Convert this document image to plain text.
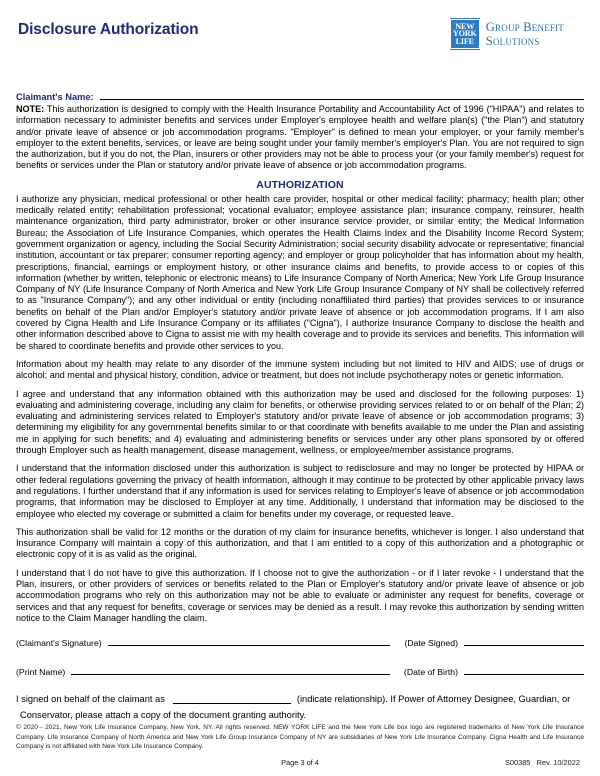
Disclosure Authorization	NEW
YORK
LIFE
Group Benefit
Solutions
Claimant's Name:

NOTE: This authorization is designed to comply with the Health Insurance Portability and Accountability Act of 1996 ("HIPAA") and relates to information necessary to administer benefits and services under Employer's employee health and welfare plan(s) ("the Plan") and statutory and/or private leave of absence or job accommodation programs. "Employer" is defined to mean your employer, or your family member's employer to the extent benefits, services, or leave are being sought under your family member's employer's Plan. You are not required to sign the authorization, but if you do not, the Plan, insurers or other providers may not be able to process your (or your family member's) request for benefits or services under the Plan or statutory and/or private leave of absence or job accommodation programs.

AUTHORIZATION

I authorize any physician, medical professional or other health care provider, hospital or other medical facility; pharmacy; health plan; other medically related entity; rehabilitation professional; vocational evaluator; employee assistance plan; insurance company, reinsurer, health maintenance organization, third party administrator, broker or other insurance service provider, or similar entity; the Medical Information Bureau; the Association of Life Insurance Companies, which operates the Health Claims Index and the Disability Income Record System; government organization or agency, including the Social Security Administration; social security disability advocate or representative; financial institution, accountant or tax preparer; consumer reporting agency; and employer or group policyholder that has information about my health, prescriptions, financial, earnings or employment history, or other insurance claims and benefits, to provide access to or copies of this information (whether by written, telephonic or electronic means) to Life Insurance Company of North America; New York Life Group Insurance Company of NY (Life Insurance Company of North America and New York Life Group Insurance Company of NY shall be collectively referred to as "Insurance Company"); and any other individual or entity (including nonaffiliated third parties) that provides services to or insurance benefits on behalf of the Plan and/or Employer's statutory and/or private leave of absence or job accommodation programs. If I am also covered by Cigna Health and Life Insurance Company or its affiliates ("Cigna"), I authorize Insurance Company to disclose the health and other information described above to Cigna to assist me with my health coverage and to provide its services and benefits. This information will be shared to coordinate benefits and provide other services to you.

Information about my health may relate to any disorder of the immune system including but not limited to HIV and AIDS; use of drugs or alcohol; and mental and physical history, condition, advice or treatment, but does not include psychotherapy notes or genetic information.

I agree and understand that any information obtained with this authorization may be used and disclosed for the following purposes: 1) evaluating and administering coverage, including any claim for benefits, or otherwise providing services related to or on behalf of the Plan; 2) evaluating and administering services related to Employer's statutory and/or private leave of absence or job accommodation programs; 3) determining my eligibility for any governmental benefits similar to or that coordinate with benefits available to me under the Plan and assisting me in applying for such benefits; and 4) evaluating and administering benefits or services under any other plans sponsored by or offered through Employer such as health management, disease management, wellness, or employee/member assistance programs.

I understand that the information disclosed under this authorization is subject to redisclosure and may no longer be protected by HIPAA or other federal regulations governing the privacy of health information, although it may continue to be protected by other applicable privacy laws and regulations. I further understand that if any information is used for services relating to Employer's leave of absence or job accommodation programs, that information may be disclosed to Employer at any time. Additionally, I understand that information may be disclosed to the employee who elected my coverage or submitted a claim for benefits under my coverage, or requested leave.

This authorization shall be valid for 12 months or the duration of my claim for insurance benefits, whichever is longer. I also understand that Insurance Company will maintain a copy of this authorization, and that I am entitled to a copy of this authorization and a photographic or electronic copy of it is as valid as the original.

I understand that I do not have to give this authorization. If I choose not to give the authorization - or if I later revoke - I understand that the Plan, insurers, or other providers of services or benefits related to the Plan or Employer's statutory and/or private leave of absence or job accommodation programs who rely on this authorization may not be able to evaluate or administer any request for benefits, coverage or services and that any request for benefits, coverage or services may be denied as a result. I may revoke this authorization by sending written notice to the Claim Manager handling the claim.

(Claimant's Signature)	(Date Signed)
(Print Name)	(Date of Birth)

I signed on behalf of the claimant as	(indicate relationship). If Power of Attorney Designee, Guardian, or
Conservator, please attach a copy of the document granting authority.

© 2020 - 2021, New York Life Insurance Company, New York, NY. All rights reserved. NEW YORK LIFE and the New York Life box logo are registered trademarks of New York Life Insurance Company. Life Insurance Company of North America and New York Life Group Insurance Company of NY are subsidiaries of New York Life Insurance Company. Cigna Health and Life Insurance Company is not affiliated with New York Life Insurance Company.

Page 3 of 4	S00385   Rev. 10/2022
